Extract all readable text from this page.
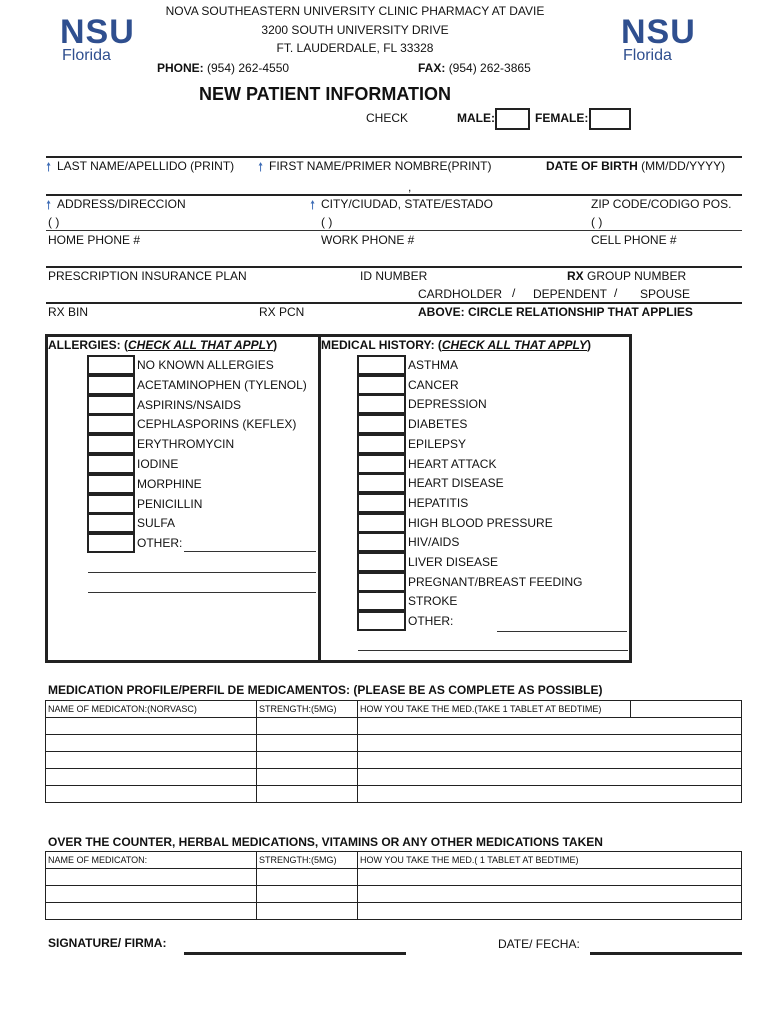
NSU
Florida
NSU
Florida
NOVA SOUTHEASTERN UNIVERSITY CLINIC PHARMACY AT DAVIE
3200 SOUTH UNIVERSITY DRIVE
FT. LAUDERDALE, FL 33328
PHONE: (954) 262-4550	FAX: (954) 262-3865
NEW PATIENT INFORMATION
CHECK	MALE:	FEMALE:
🠕 LAST NAME/APELLIDO (PRINT) 🠕 FIRST NAME/PRIMER NOMBRE(PRINT)	DATE OF BIRTH (MM/DD/YYYY)
,
🠕 ADDRESS/DIRECCION	🠕 CITY/CIUDAD, STATE/ESTADO	ZIP CODE/CODIGO POS.
( )	( )	( )
HOME PHONE #	WORK PHONE #	CELL PHONE #
PRESCRIPTION INSURANCE PLAN	ID NUMBER	RX GROUP NUMBER
CARDHOLDER / DEPENDENT / SPOUSE
RX BIN	RX PCN	ABOVE: CIRCLE RELATIONSHIP THAT APPLIES
ALLERGIES: (CHECK ALL THAT APPLY)	MEDICAL HISTORY: (CHECK ALL THAT APPLY)
NO KNOWN ALLERGIES
ACETAMINOPHEN (TYLENOL)
ASPIRINS/NSAIDS
CEPHLASPORINS (KEFLEX)
ERYTHROMYCIN
IODINE
MORPHINE
PENICILLIN
SULFA
OTHER:
ASTHMA
CANCER
DEPRESSION
DIABETES
EPILEPSY
HEART ATTACK
HEART DISEASE
HEPATITIS
HIGH BLOOD PRESSURE
HIV/AIDS
LIVER DISEASE
PREGNANT/BREAST FEEDING
STROKE
OTHER:
MEDICATION PROFILE/PERFIL DE MEDICAMENTOS: (PLEASE BE AS COMPLETE AS POSSIBLE)
NAME OF MEDICATON:(NORVASC)	STRENGTH:(5MG)	HOW YOU TAKE THE MED.(TAKE 1 TABLET AT BEDTIME)	

OVER THE COUNTER, HERBAL MEDICATIONS, VITAMINS OR ANY OTHER MEDICATIONS TAKEN
NAME OF MEDICATON:	STRENGTH:(5MG)	HOW YOU TAKE THE MED.( 1 TABLET AT BEDTIME)

SIGNATURE/ FIRMA:	DATE/ FECHA:
